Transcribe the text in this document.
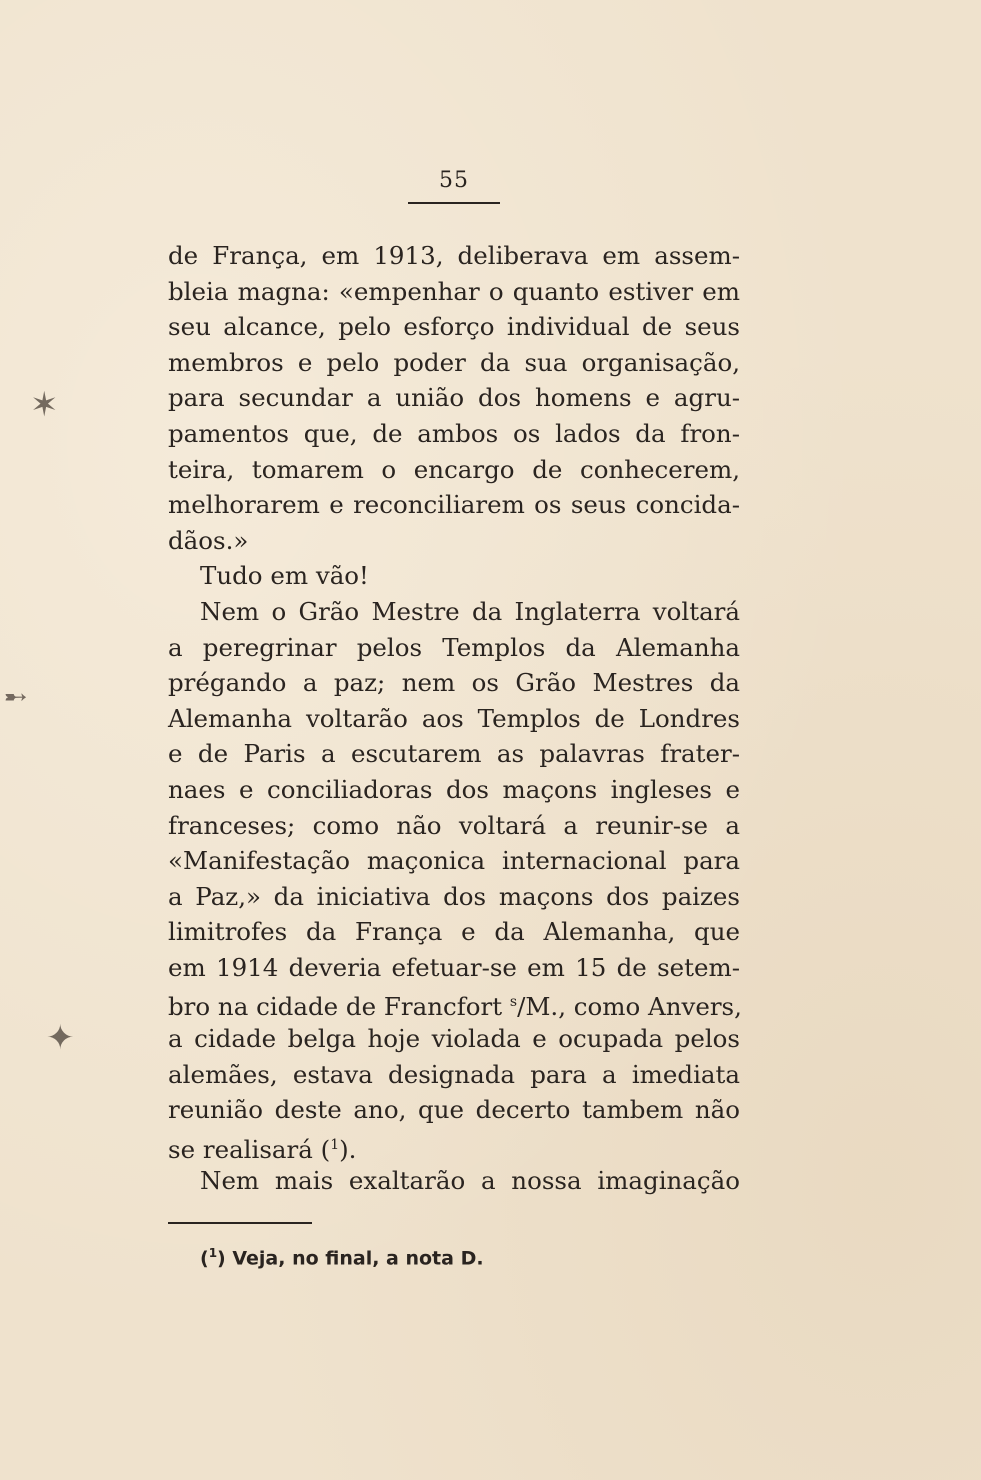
✶
➸
✦
55
de França, em 1913, deliberava em assem-
bleia magna: «empenhar o quanto estiver em
seu alcance, pelo esforço individual de seus
membros e pelo poder da sua organisação,
para secundar a união dos homens e agru-
pamentos que, de ambos os lados da fron-
teira, tomarem o encargo de conhecerem,
melhorarem e reconciliarem os seus concida-
dãos.»
Tudo em vão!
Nem o Grão Mestre da Inglaterra voltará
a peregrinar pelos Templos da Alemanha
prégando a paz; nem os Grão Mestres da
Alemanha voltarão aos Templos de Londres
e de Paris a escutarem as palavras frater-
naes e conciliadoras dos maçons ingleses e
franceses; como não voltará a reunir-se a
«Manifestação maçonica internacional para
a Paz,» da iniciativa dos maçons dos paizes
limitrofes da França e da Alemanha, que
em 1914 deveria efetuar-se em 15 de setem-
bro na cidade de Francfort $^s$/M., como Anvers,
a cidade belga hoje violada e ocupada pelos
alemães, estava designada para a imediata
reunião deste ano, que decerto tambem não
se realisará ($^1$).
Nem mais exaltarão a nossa imaginação
($^1$) Veja, no final, a nota D.
